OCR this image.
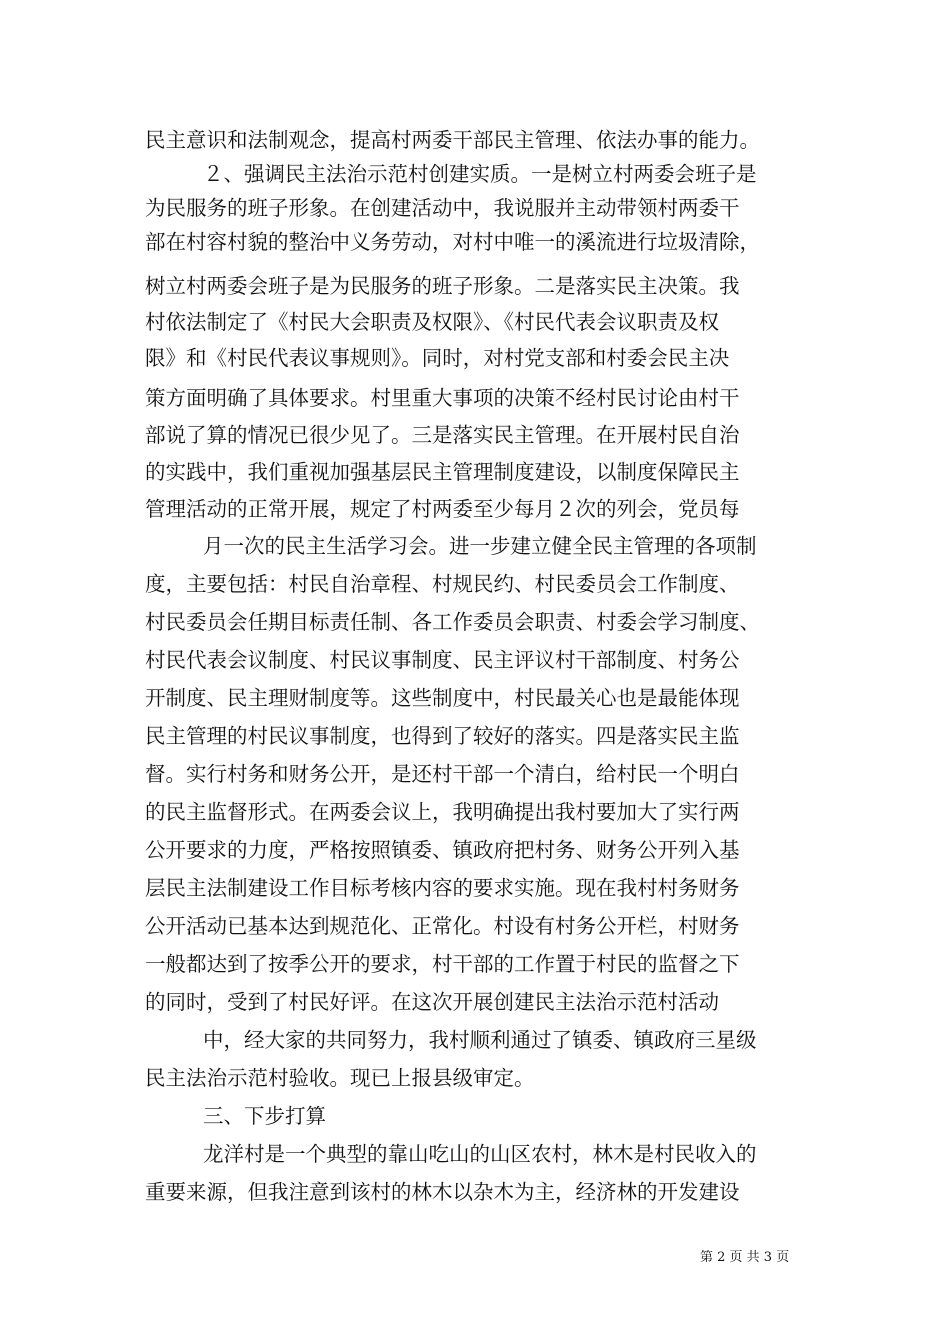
民主意识和法制观念，提高村两委干部民主管理、依法办事的能力。
２、强调民主法治示范村创建实质。一是树立村两委会班子是
为民服务的班子形象。在创建活动中，我说服并主动带领村两委干
部在村容村貌的整治中义务劳动，对村中唯一的溪流进行垃圾清除，
树立村两委会班子是为民服务的班子形象。二是落实民主决策。我
村依法制定了《村民大会职责及权限》、《村民代表会议职责及权
限》和《村民代表议事规则》。同时，对村党支部和村委会民主决
策方面明确了具体要求。村里重大事项的决策不经村民讨论由村干
部说了算的情况已很少见了。三是落实民主管理。在开展村民自治
的实践中，我们重视加强基层民主管理制度建设，以制度保障民主
管理活动的正常开展，规定了村两委至少每月２次的列会，党员每
月一次的民主生活学习会。进一步建立健全民主管理的各项制
度，主要包括：村民自治章程、村规民约、村民委员会工作制度、
村民委员会任期目标责任制、各工作委员会职责、村委会学习制度、
村民代表会议制度、村民议事制度、民主评议村干部制度、村务公
开制度、民主理财制度等。这些制度中，村民最关心也是最能体现
民主管理的村民议事制度，也得到了较好的落实。四是落实民主监
督。实行村务和财务公开，是还村干部一个清白，给村民一个明白
的民主监督形式。在两委会议上，我明确提出我村要加大了实行两
公开要求的力度，严格按照镇委、镇政府把村务、财务公开列入基
层民主法制建设工作目标考核内容的要求实施。现在我村村务财务
公开活动已基本达到规范化、正常化。村设有村务公开栏，村财务
一般都达到了按季公开的要求，村干部的工作置于村民的监督之下
的同时，受到了村民好评。在这次开展创建民主法治示范村活动
中，经大家的共同努力，我村顺利通过了镇委、镇政府三星级
民主法治示范村验收。现已上报县级审定。
三、下步打算
龙洋村是一个典型的靠山吃山的山区农村，林木是村民收入的
重要来源，但我注意到该村的林木以杂木为主，经济林的开发建设
第 2 页 共 3 页
